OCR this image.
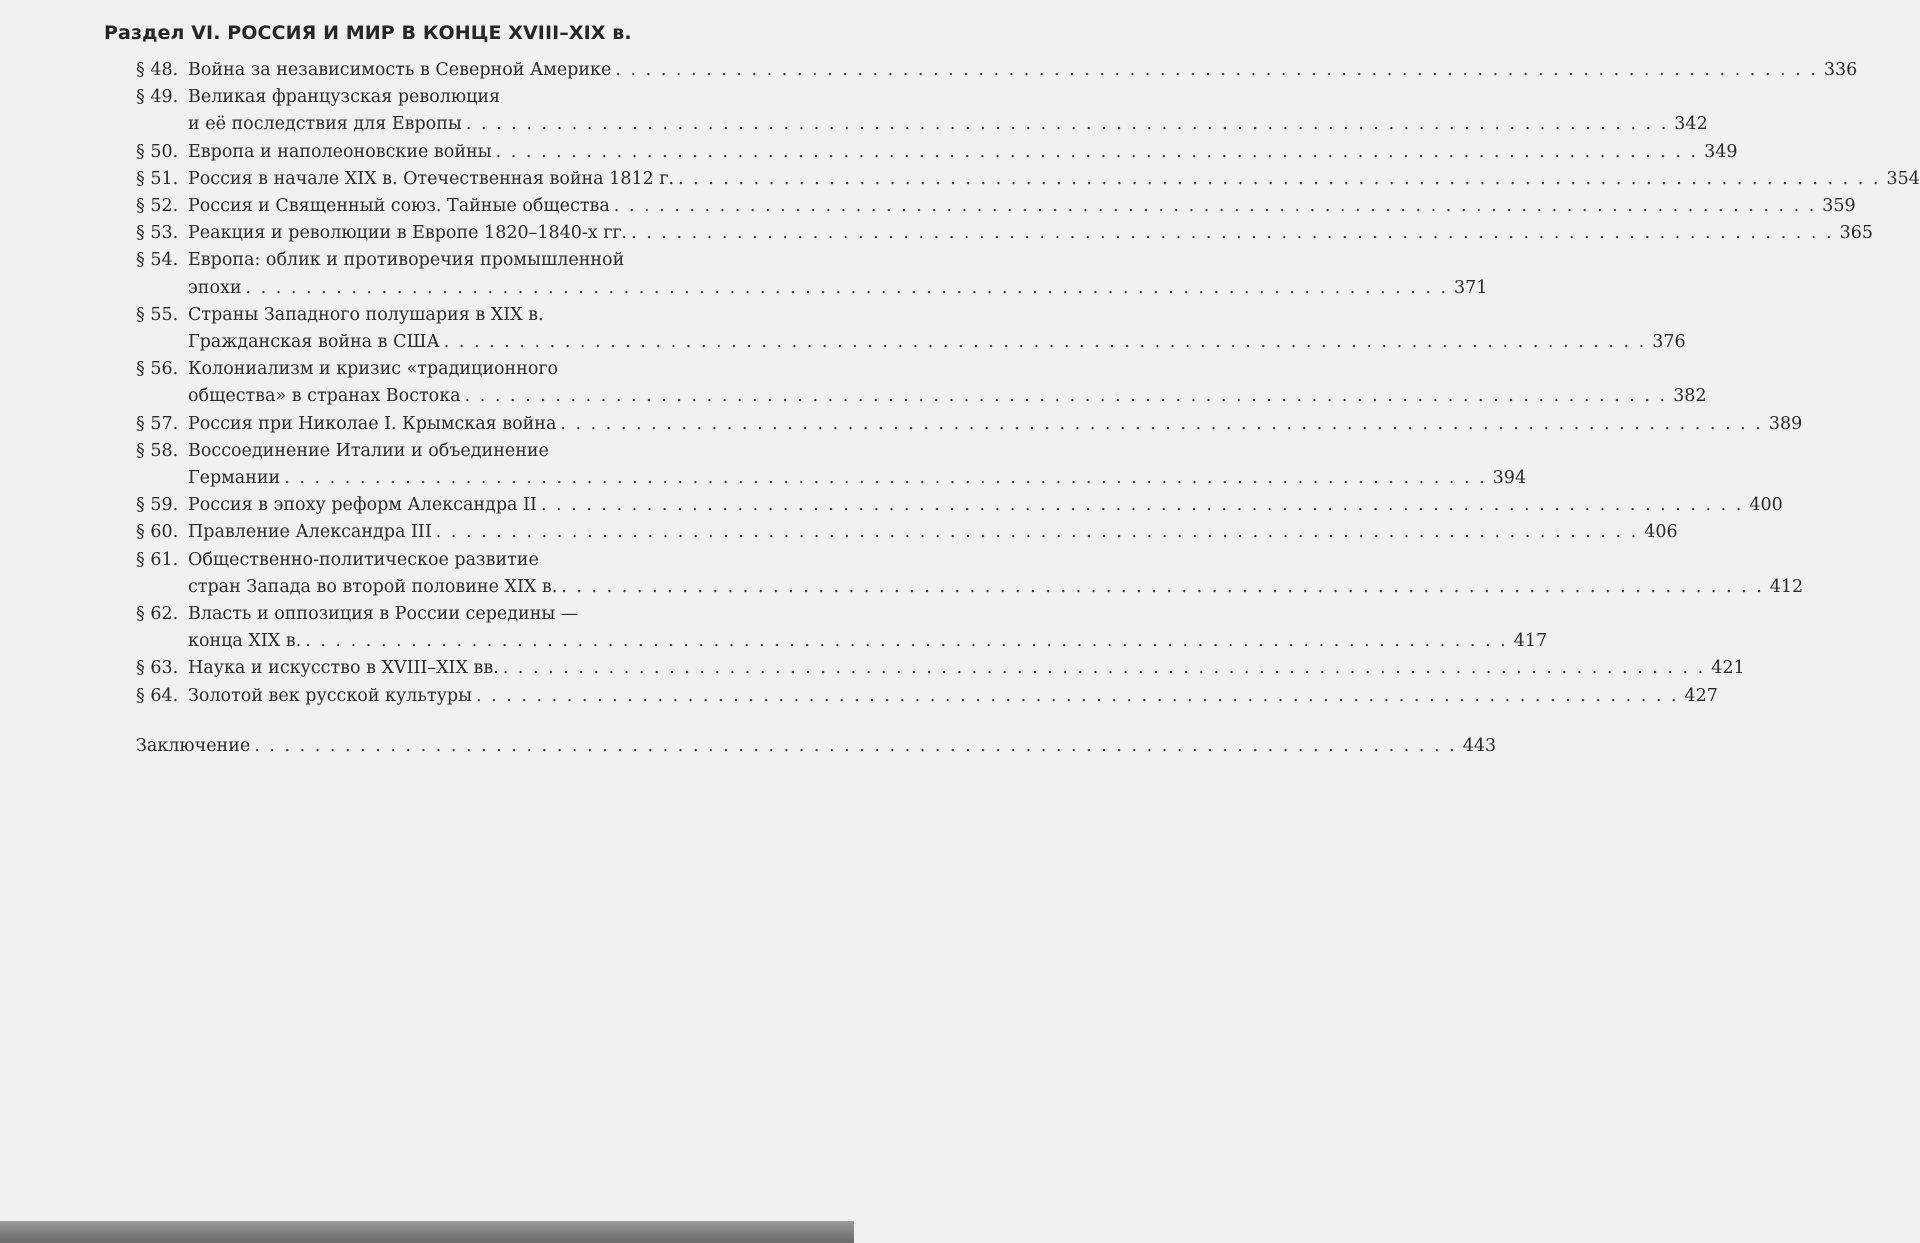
Раздел VI. РОССИЯ И МИР В КОНЦЕ XVIII–XIX в.
§ 48. Война за независимость в Северной Америке . . . . . . . . . . . . . . . . . . . . . . . . . . . . . . . . . . . . . . . . . . . . . . . . . . . . . . . . . . . . . . . . . . . . . . . . . . . . . . . . 336
§ 49. Великая французская революция
и её последствия для Европы . . . . . . . . . . . . . . . . . . . . . . . . . . . . . . . . . . . . . . . . . . . . . . . . . . . . . . . . . . . . . . . . . . . . . . . . . . . . . . . . 342
§ 50. Европа и наполеоновские войны . . . . . . . . . . . . . . . . . . . . . . . . . . . . . . . . . . . . . . . . . . . . . . . . . . . . . . . . . . . . . . . . . . . . . . . . . . . . . . . . 349
§ 51. Россия в начале XIX в. Отечественная война 1812 г. . . . . . . . . . . . . . . . . . . . . . . . . . . . . . . . . . . . . . . . . . . . . . . . . . . . . . . . . . . . . . . . . . . . . . . . . . . . . . . . . 354
§ 52. Россия и Священный союз. Тайные общества . . . . . . . . . . . . . . . . . . . . . . . . . . . . . . . . . . . . . . . . . . . . . . . . . . . . . . . . . . . . . . . . . . . . . . . . . . . . . . . . 359
§ 53. Реакция и революции в Европе 1820–1840-х гг. . . . . . . . . . . . . . . . . . . . . . . . . . . . . . . . . . . . . . . . . . . . . . . . . . . . . . . . . . . . . . . . . . . . . . . . . . . . . . . . . 365
§ 54. Европа: облик и противоречия промышленной
эпохи . . . . . . . . . . . . . . . . . . . . . . . . . . . . . . . . . . . . . . . . . . . . . . . . . . . . . . . . . . . . . . . . . . . . . . . . . . . . . . . . 371
§ 55. Страны Западного полушария в XIX в.
Гражданская война в США . . . . . . . . . . . . . . . . . . . . . . . . . . . . . . . . . . . . . . . . . . . . . . . . . . . . . . . . . . . . . . . . . . . . . . . . . . . . . . . . 376
§ 56. Колониализм и кризис «традиционного
общества» в странах Востока . . . . . . . . . . . . . . . . . . . . . . . . . . . . . . . . . . . . . . . . . . . . . . . . . . . . . . . . . . . . . . . . . . . . . . . . . . . . . . . . 382
§ 57. Россия при Николае I. Крымская война . . . . . . . . . . . . . . . . . . . . . . . . . . . . . . . . . . . . . . . . . . . . . . . . . . . . . . . . . . . . . . . . . . . . . . . . . . . . . . . . 389
§ 58. Воссоединение Италии и объединение
Германии . . . . . . . . . . . . . . . . . . . . . . . . . . . . . . . . . . . . . . . . . . . . . . . . . . . . . . . . . . . . . . . . . . . . . . . . . . . . . . . . 394
§ 59. Россия в эпоху реформ Александра II . . . . . . . . . . . . . . . . . . . . . . . . . . . . . . . . . . . . . . . . . . . . . . . . . . . . . . . . . . . . . . . . . . . . . . . . . . . . . . . . 400
§ 60. Правление Александра III . . . . . . . . . . . . . . . . . . . . . . . . . . . . . . . . . . . . . . . . . . . . . . . . . . . . . . . . . . . . . . . . . . . . . . . . . . . . . . . . 406
§ 61. Общественно-политическое развитие
стран Запада во второй половине XIX в. . . . . . . . . . . . . . . . . . . . . . . . . . . . . . . . . . . . . . . . . . . . . . . . . . . . . . . . . . . . . . . . . . . . . . . . . . . . . . . . . 412
§ 62. Власть и оппозиция в России середины —
конца XIX в. . . . . . . . . . . . . . . . . . . . . . . . . . . . . . . . . . . . . . . . . . . . . . . . . . . . . . . . . . . . . . . . . . . . . . . . . . . . . . . . . 417
§ 63. Наука и искусство в XVIII–XIX вв. . . . . . . . . . . . . . . . . . . . . . . . . . . . . . . . . . . . . . . . . . . . . . . . . . . . . . . . . . . . . . . . . . . . . . . . . . . . . . . . . 421
§ 64. Золотой век русской культуры . . . . . . . . . . . . . . . . . . . . . . . . . . . . . . . . . . . . . . . . . . . . . . . . . . . . . . . . . . . . . . . . . . . . . . . . . . . . . . . . 427
Заключение . . . . . . . . . . . . . . . . . . . . . . . . . . . . . . . . . . . . . . . . . . . . . . . . . . . . . . . . . . . . . . . . . . . . . . . . . . . . . . . . 443
